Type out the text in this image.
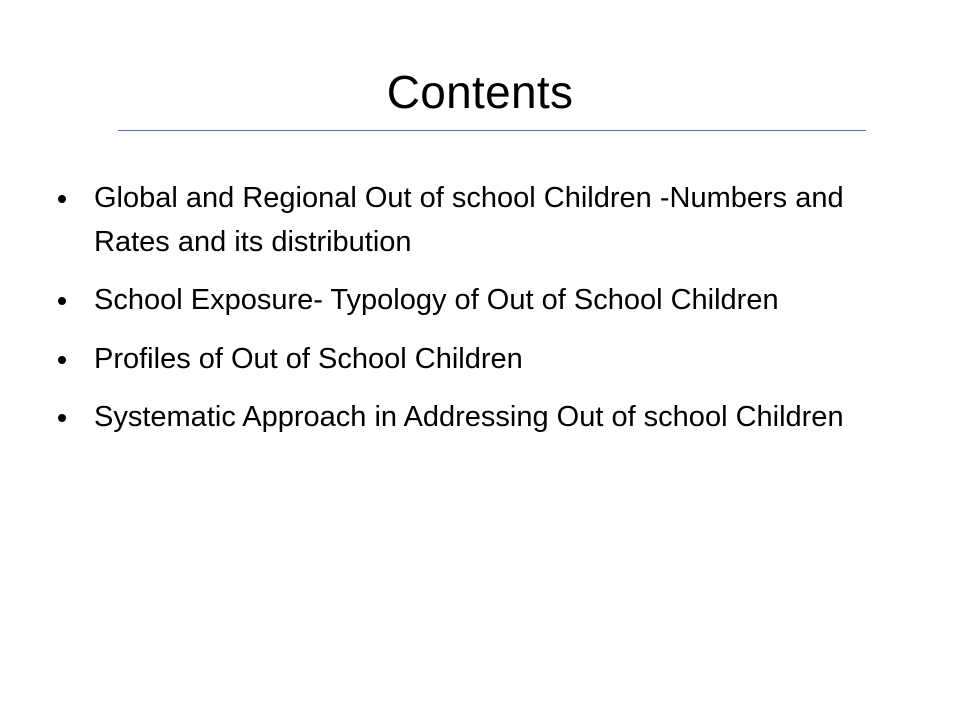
Contents
Global and Regional Out of school Children -Numbers and Rates and its distribution
School Exposure- Typology of Out of School Children
Profiles of Out of School Children
Systematic Approach in Addressing Out of school Children
